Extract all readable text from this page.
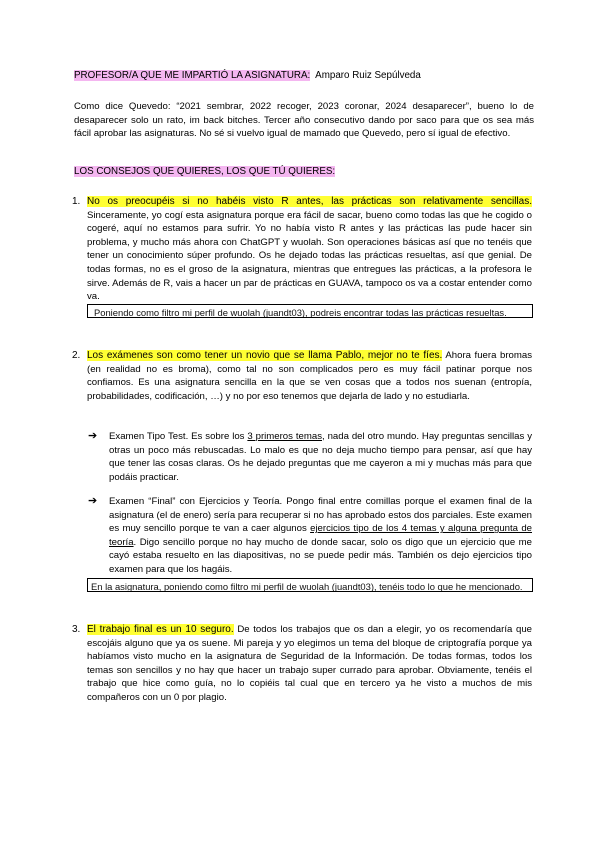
PROFESOR/A QUE ME IMPARTIÓ LA ASIGNATURA: Amparo Ruiz Sepúlveda
Como dice Quevedo: “2021 sembrar, 2022 recoger, 2023 coronar, 2024 desaparecer”, bueno lo de desaparecer solo un rato, im back bitches. Tercer año consecutivo dando por saco para que os sea más fácil aprobar las asignaturas. No sé si vuelvo igual de mamado que Quevedo, pero sí igual de efectivo.
LOS CONSEJOS QUE QUIERES, LOS QUE TÚ QUIERES:
1. No os preocupéis si no habéis visto R antes, las prácticas son relativamente sencillas. Sinceramente, yo cogí esta asignatura porque era fácil de sacar, bueno como todas las que he cogido o cogeré, aquí no estamos para sufrir. Yo no había visto R antes y las prácticas las pude hacer sin problema, y mucho más ahora con ChatGPT y wuolah. Son operaciones básicas así que no tenéis que tener un conocimiento súper profundo. Os he dejado todas las prácticas resueltas, así que genial. De todas formas, no es el groso de la asignatura, mientras que entregues las prácticas, a la profesora le sirve. Además de R, vais a hacer un par de prácticas en GUAVA, tampoco os va a costar entender como va.
Poniendo como filtro mi perfil de wuolah (juandt03), podreis encontrar todas las prácticas resueltas.
2. Los exámenes son como tener un novio que se llama Pablo, mejor no te fíes. Ahora fuera bromas (en realidad no es broma), como tal no son complicados pero es muy fácil patinar porque nos confiamos. Es una asignatura sencilla en la que se ven cosas que a todos nos suenan (entropía, probabilidades, codificación, …) y no por eso tenemos que dejarla de lado y no estudiarla.
➔ Examen Tipo Test. Es sobre los 3 primeros temas, nada del otro mundo. Hay preguntas sencillas y otras un poco más rebuscadas. Lo malo es que no deja mucho tiempo para pensar, así que hay que tener las cosas claras. Os he dejado preguntas que me cayeron a mi y muchas más para que podáis practicar.
➔ Examen “Final” con Ejercicios y Teoría. Pongo final entre comillas porque el examen final de la asignatura (el de enero) sería para recuperar si no has aprobado estos dos parciales. Este examen es muy sencillo porque te van a caer algunos ejercicios tipo de los 4 temas y alguna pregunta de teoría. Digo sencillo porque no hay mucho de donde sacar, solo os digo que un ejercicio que me cayó estaba resuelto en las diapositivas, no se puede pedir más. También os dejo ejercicios tipo examen para que los hagáis.
En la asignatura, poniendo como filtro mi perfil de wuolah (juandt03), tenéis todo lo que he mencionado.
3. El trabajo final es un 10 seguro. De todos los trabajos que os dan a elegir, yo os recomendaría que escojáis alguno que ya os suene. Mi pareja y yo elegimos un tema del bloque de criptografía porque ya habíamos visto mucho en la asignatura de Seguridad de la Información. De todas formas, todos los temas son sencillos y no hay que hacer un trabajo super currado para aprobar. Obviamente, tenéis el trabajo que hice como guía, no lo copiéis tal cual que en tercero ya he visto a muchos de mis compañeros con un 0 por plagio.
